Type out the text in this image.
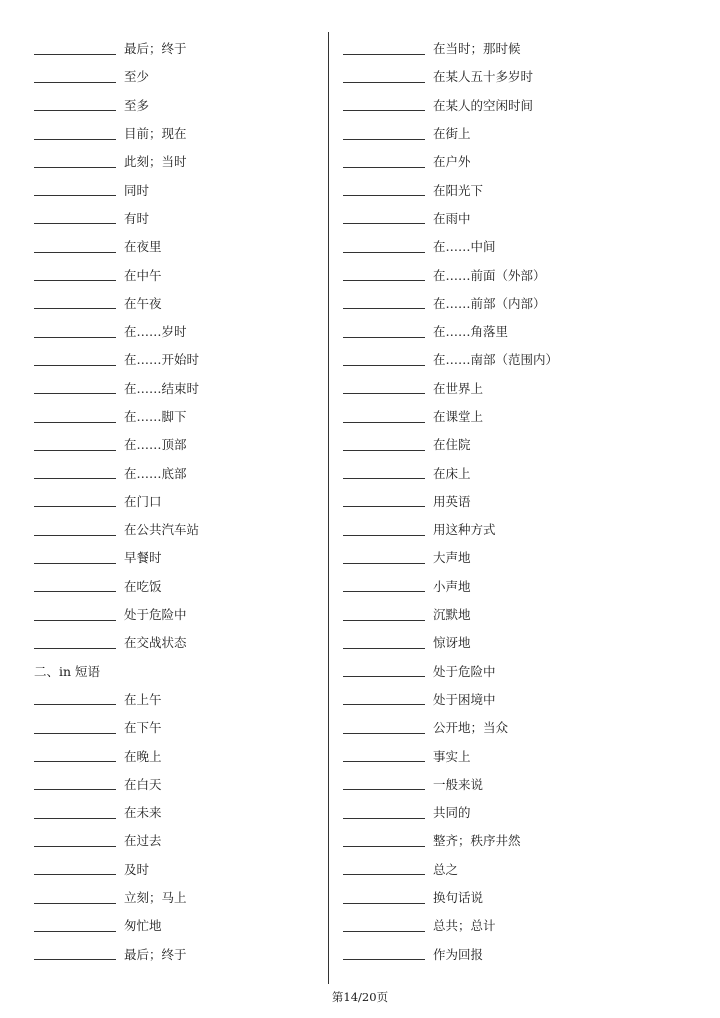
最后；终于
至少
至多
目前；现在
此刻；当时
同时
有时
在夜里
在中午
在午夜
在……岁时
在……开始时
在……结束时
在……脚下
在……顶部
在……底部
在门口
在公共汽车站
早餐时
在吃饭
处于危险中
在交战状态
二、in 短语
在上午
在下午
在晚上
在白天
在未来
在过去
及时
立刻；马上
匆忙地
最后；终于
在当时；那时候
在某人五十多岁时
在某人的空闲时间
在街上
在户外
在阳光下
在雨中
在……中间
在……前面（外部）
在……前部（内部）
在……角落里
在……南部（范围内）
在世界上
在课堂上
在住院
在床上
用英语
用这种方式
大声地
小声地
沉默地
惊讶地
处于危险中
处于困境中
公开地；当众
事实上
一般来说
共同的
整齐；秩序井然
总之
换句话说
总共；总计
作为回报
第14/20页
